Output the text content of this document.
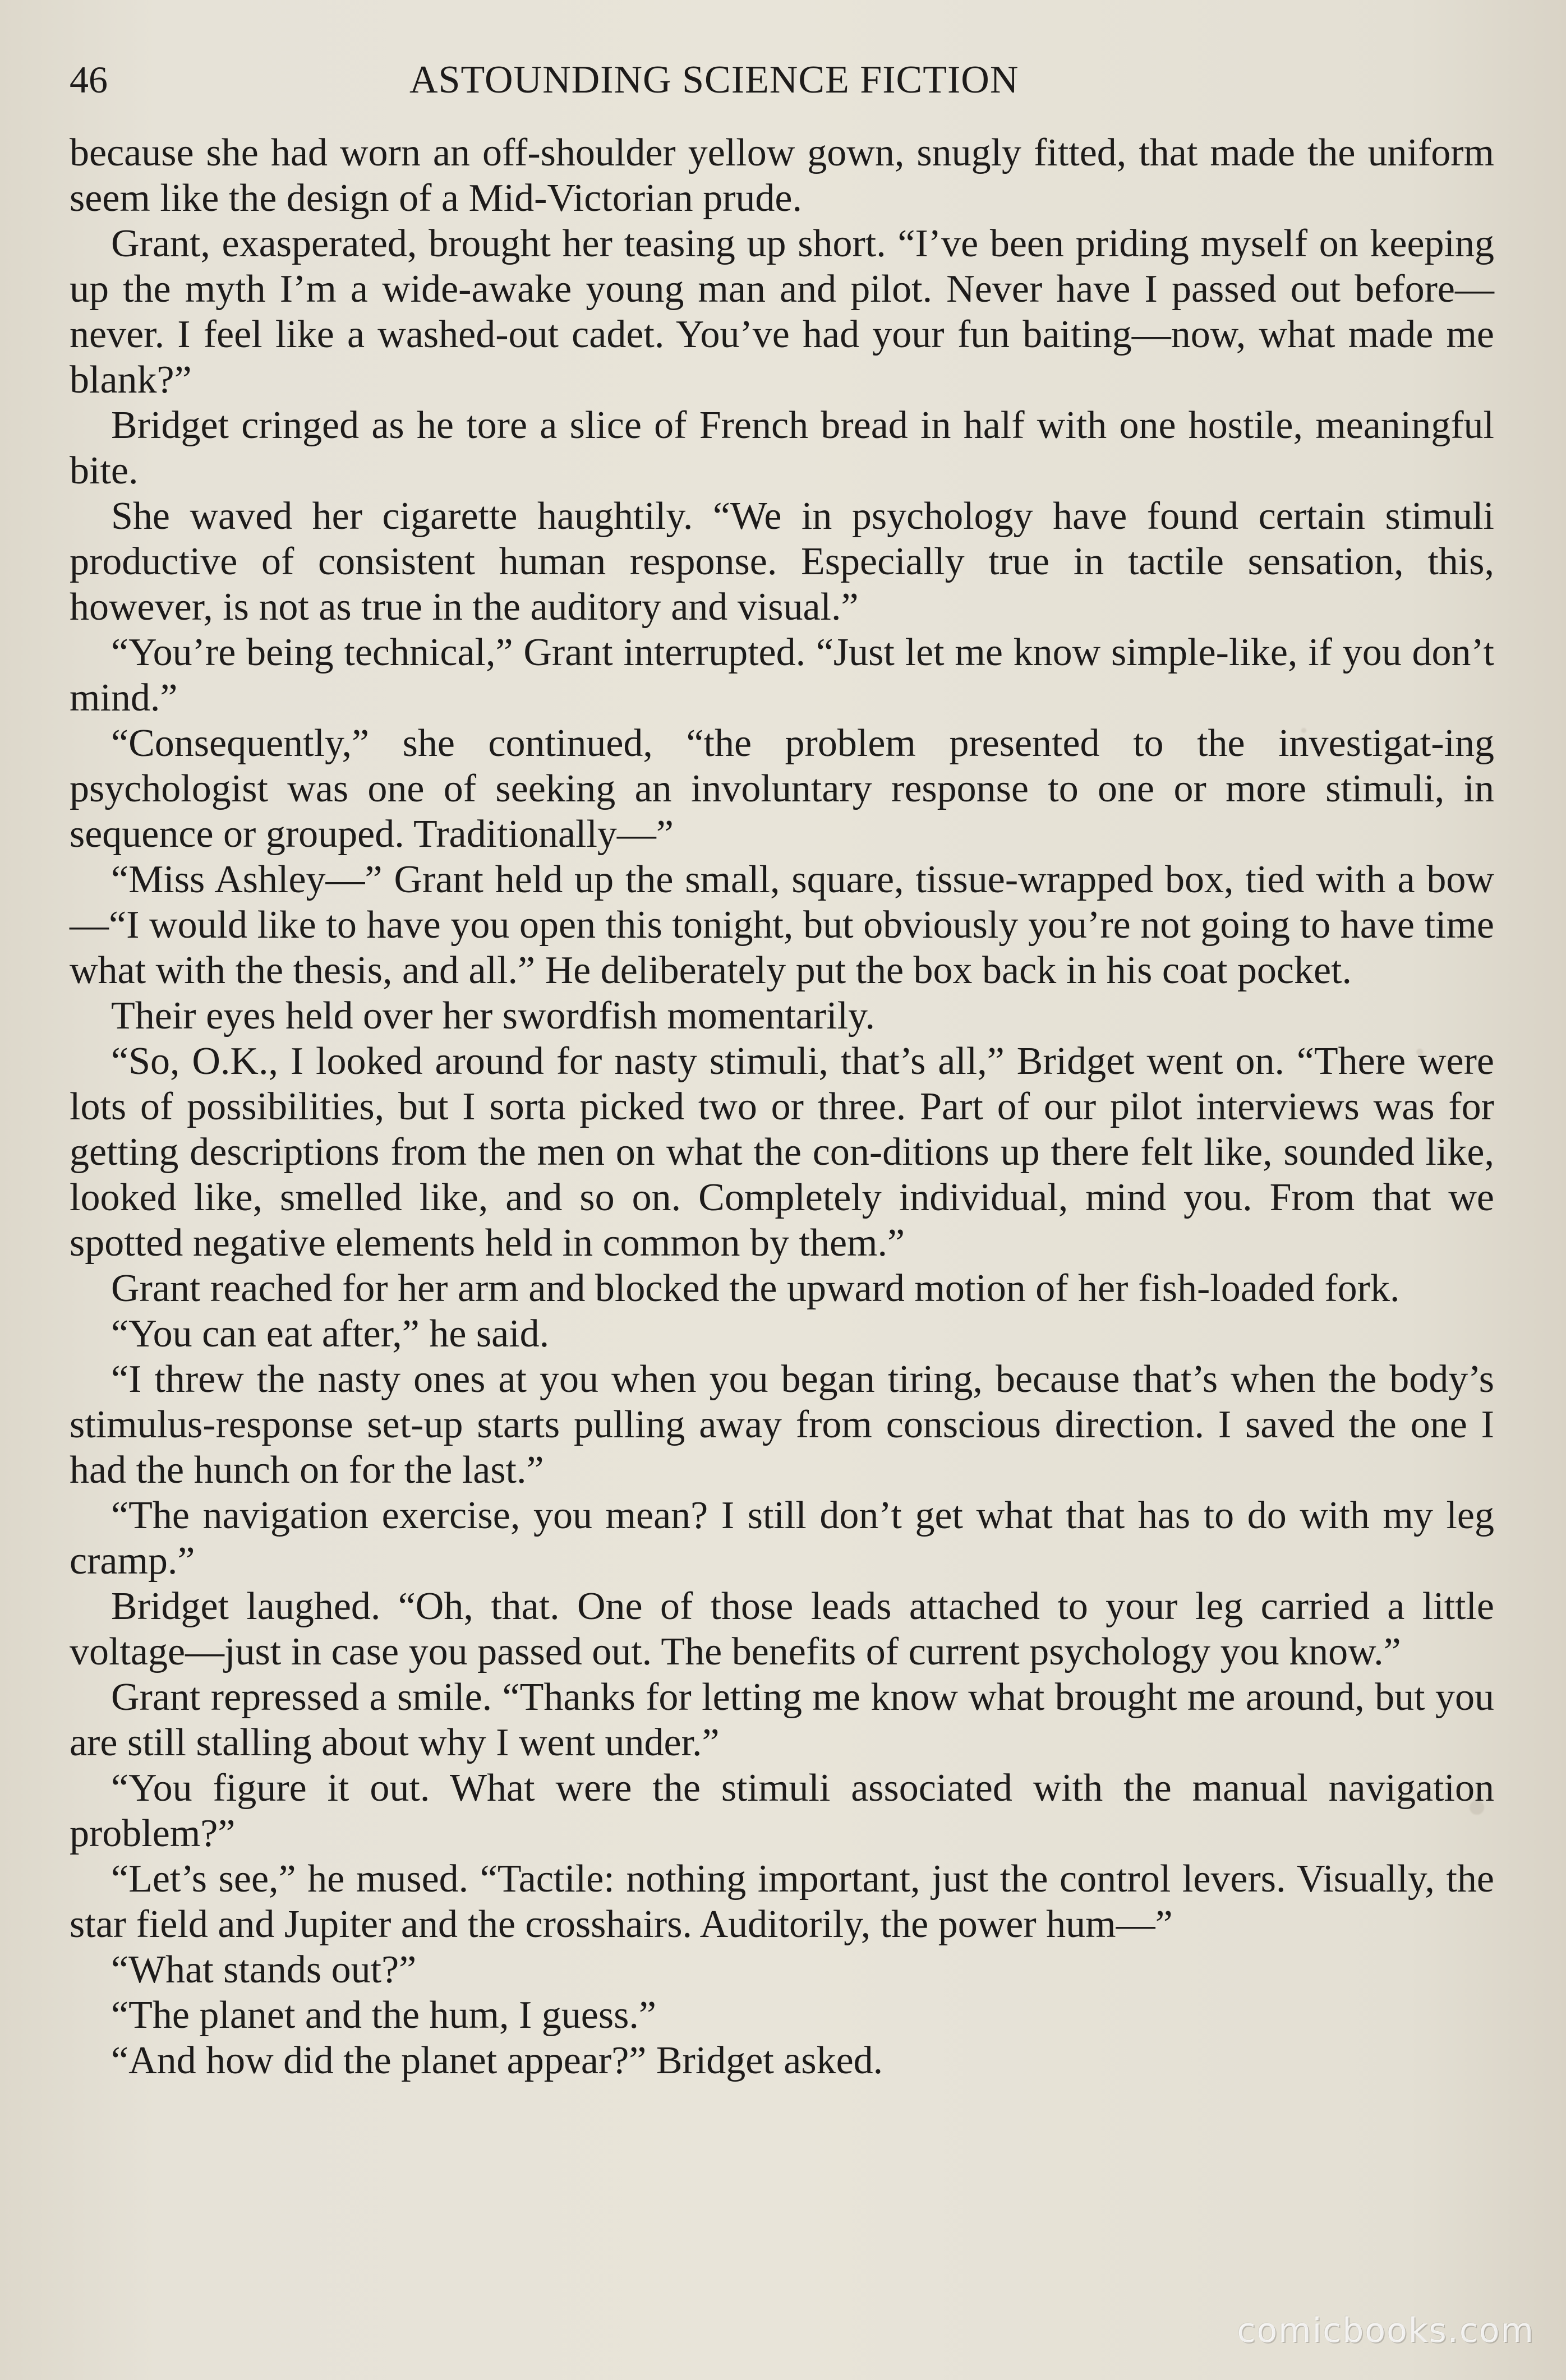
46	ASTOUNDING SCIENCE FICTION

because she had worn an off-shoulder yellow gown, snugly fitted, that made the uniform seem like the design of a Mid-Victorian prude.

Grant, exasperated, brought her teasing up short. “I’ve been priding myself on keeping up the myth I’m a wide-awake young man and pilot. Never have I passed out before—never. I feel like a washed-out cadet. You’ve had your fun baiting—now, what made me blank?”

Bridget cringed as he tore a slice of French bread in half with one hostile, meaningful bite.

She waved her cigarette haughtily. “We in psychology have found certain stimuli productive of consistent human response. Especially true in tactile sensation, this, however, is not as true in the auditory and visual.”

“You’re being technical,” Grant interrupted. “Just let me know simple-like, if you don’t mind.”

“Consequently,” she continued, “the problem presented to the investigat-ing psychologist was one of seeking an involuntary response to one or more stimuli, in sequence or grouped. Traditionally—”

“Miss Ashley—” Grant held up the small, square, tissue-wrapped box, tied with a bow—“I would like to have you open this tonight, but obviously you’re not going to have time what with the thesis, and all.” He deliberately put the box back in his coat pocket.

Their eyes held over her swordfish momentarily.

“So, O.K., I looked around for nasty stimuli, that’s all,” Bridget went on. “There were lots of possibilities, but I sorta picked two or three. Part of our pilot interviews was for getting descriptions from the men on what the con-ditions up there felt like, sounded like, looked like, smelled like, and so on. Completely individual, mind you. From that we spotted negative elements held in common by them.”

Grant reached for her arm and blocked the upward motion of her fish-loaded fork.

“You can eat after,” he said.

“I threw the nasty ones at you when you began tiring, because that’s when the body’s stimulus-response set-up starts pulling away from conscious direction. I saved the one I had the hunch on for the last.”

“The navigation exercise, you mean? I still don’t get what that has to do with my leg cramp.”

Bridget laughed. “Oh, that. One of those leads attached to your leg carried a little voltage—just in case you passed out. The benefits of current psychology you know.”

Grant repressed a smile. “Thanks for letting me know what brought me around, but you are still stalling about why I went under.”

“You figure it out. What were the stimuli associated with the manual navigation problem?”

“Let’s see,” he mused. “Tactile: nothing important, just the control levers. Visually, the star field and Jupiter and the crosshairs. Auditorily, the power hum—”

“What stands out?”

“The planet and the hum, I guess.”

“And how did the planet appear?” Bridget asked.

comicbooks.com
